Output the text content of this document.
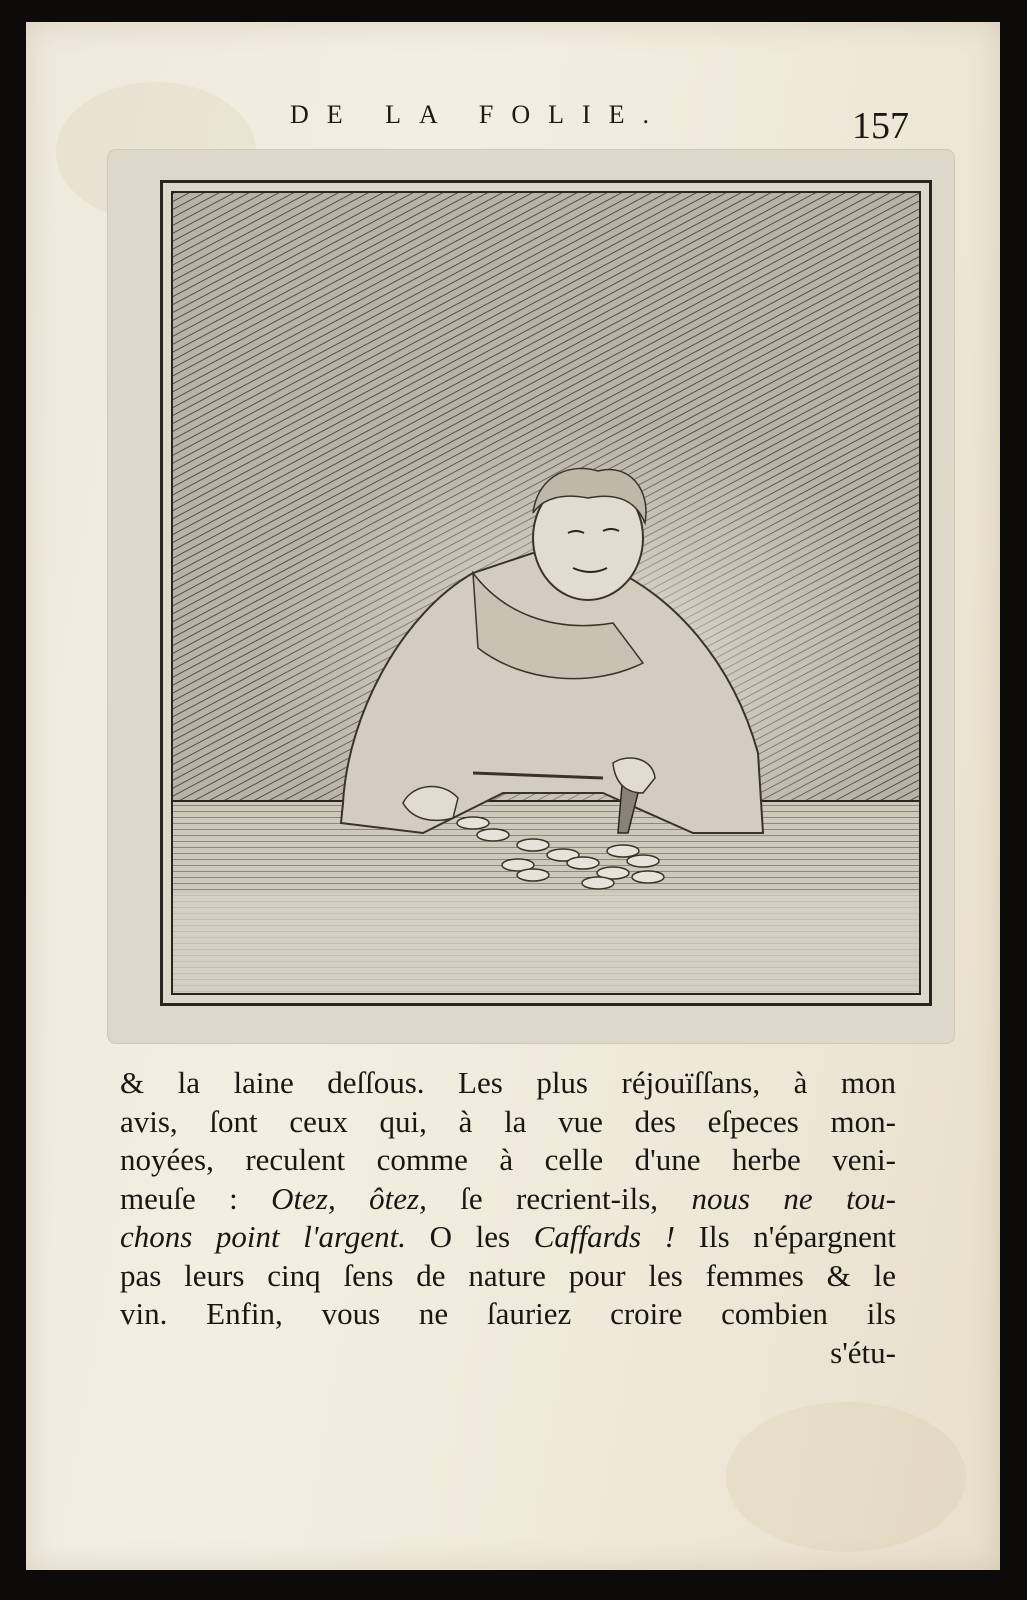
DE LA FOLIE.	157
& la laine deſſous. Les plus réjouïſſans, à mon
avis, ſont ceux qui, à la vue des eſpeces mon-
noyées, reculent comme à celle d'une herbe veni-
meuſe : Otez, ôtez, ſe recrient-ils, nous ne tou-
chons point l'argent. O les Caffards ! Ils n'épargnent
pas leurs cinq ſens de nature pour les femmes & le
vin. Enfin, vous ne ſauriez croire combien ils
s'étu-
